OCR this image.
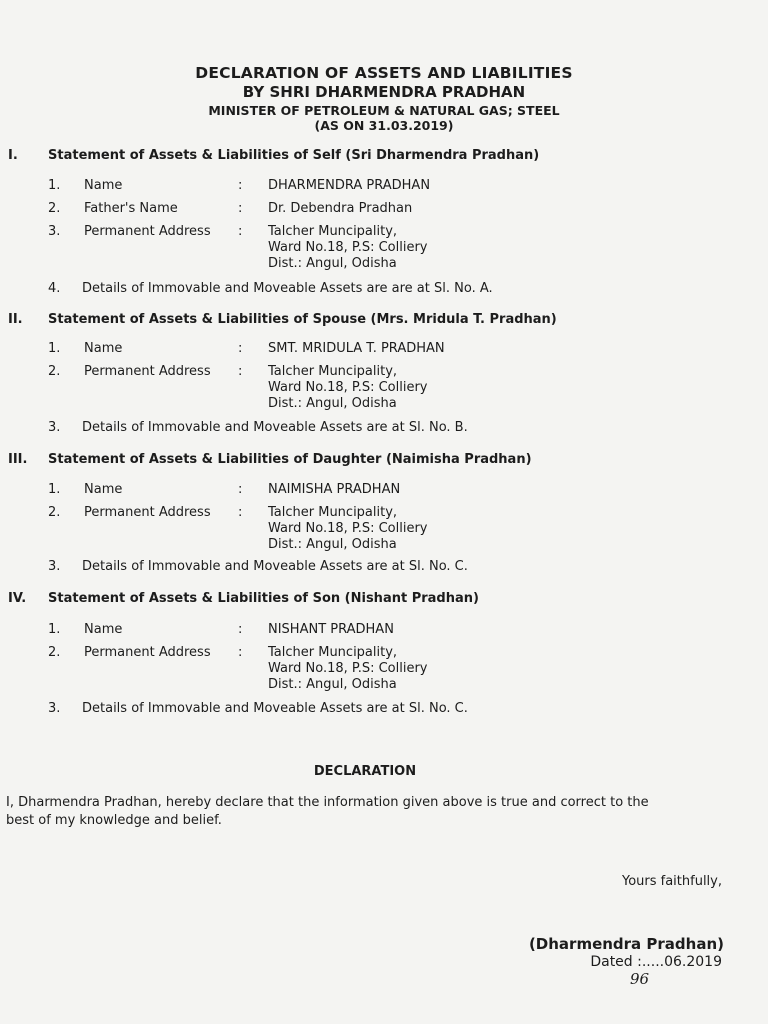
DECLARATION OF ASSETS AND LIABILITIES
BY SHRI DHARMENDRA PRADHAN
MINISTER OF PETROLEUM & NATURAL GAS; STEEL
(AS ON 31.03.2019)
I. Statement of Assets & Liabilities of Self (Sri Dharmendra Pradhan)
1. Name	: DHARMENDRA PRADHAN
2. Father's Name	: Dr. Debendra Pradhan
3. Permanent Address : Talcher Muncipality,
Ward No.18, P.S: Colliery
Dist.: Angul, Odisha
4. Details of Immovable and Moveable Assets are are at Sl. No. A.
II. Statement of Assets & Liabilities of Spouse (Mrs. Mridula T. Pradhan)
1. Name	: SMT. MRIDULA T. PRADHAN
2. Permanent Address : Talcher Muncipality,
Ward No.18, P.S: Colliery
Dist.: Angul, Odisha
3. Details of Immovable and Moveable Assets are at Sl. No. B.
III. Statement of Assets & Liabilities of Daughter (Naimisha Pradhan)
1. Name	: NAIMISHA PRADHAN
2. Permanent Address : Talcher Muncipality,
Ward No.18, P.S: Colliery
Dist.: Angul, Odisha
3. Details of Immovable and Moveable Assets are at Sl. No. C.
IV. Statement of Assets & Liabilities of Son (Nishant Pradhan)
1. Name	: NISHANT PRADHAN
2. Permanent Address : Talcher Muncipality,
Ward No.18, P.S: Colliery
Dist.: Angul, Odisha
3. Details of Immovable and Moveable Assets are at Sl. No. C.
DECLARATION
I, Dharmendra Pradhan, hereby declare that the information given above is true and correct to the
best of my knowledge and belief.
Yours faithfully,
(Dharmendra Pradhan)
Dated :.....06.2019
96
